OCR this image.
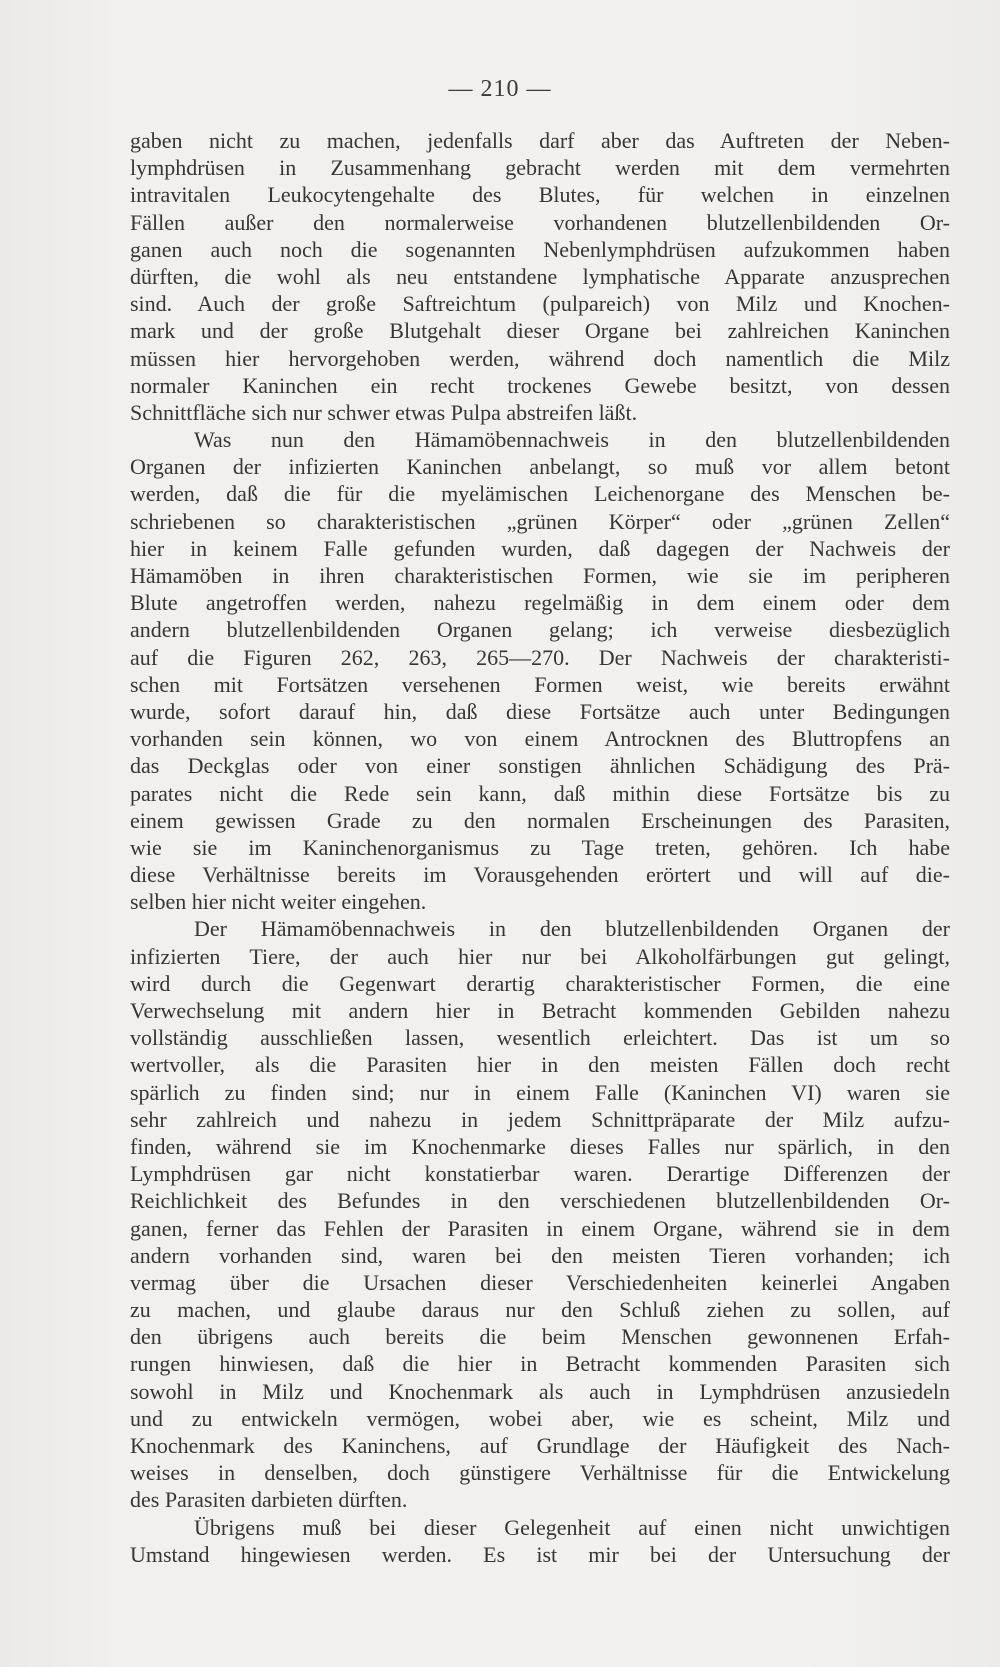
— 210 —
gaben nicht zu machen, jedenfalls darf aber das Auftreten der Neben-
lymphdrüsen in Zusammenhang gebracht werden mit dem vermehrten
intravitalen Leukocytengehalte des Blutes, für welchen in einzelnen
Fällen außer den normalerweise vorhandenen blutzellenbildenden Or-
ganen auch noch die sogenannten Nebenlymphdrüsen aufzukommen haben
dürften, die wohl als neu entstandene lymphatische Apparate anzusprechen
sind. Auch der große Saftreichtum (pulpareich) von Milz und Knochen-
mark und der große Blutgehalt dieser Organe bei zahlreichen Kaninchen
müssen hier hervorgehoben werden, während doch namentlich die Milz
normaler Kaninchen ein recht trockenes Gewebe besitzt, von dessen
Schnittfläche sich nur schwer etwas Pulpa abstreifen läßt.
Was nun den Hämamöbennachweis in den blutzellenbildenden
Organen der infizierten Kaninchen anbelangt, so muß vor allem betont
werden, daß die für die myelämischen Leichenorgane des Menschen be-
schriebenen so charakteristischen „grünen Körper“ oder „grünen Zellen“
hier in keinem Falle gefunden wurden, daß dagegen der Nachweis der
Hämamöben in ihren charakteristischen Formen, wie sie im peripheren
Blute angetroffen werden, nahezu regelmäßig in dem einem oder dem
andern blutzellenbildenden Organen gelang; ich verweise diesbezüglich
auf die Figuren 262, 263, 265—270. Der Nachweis der charakteristi-
schen mit Fortsätzen versehenen Formen weist, wie bereits erwähnt
wurde, sofort darauf hin, daß diese Fortsätze auch unter Bedingungen
vorhanden sein können, wo von einem Antrocknen des Bluttropfens an
das Deckglas oder von einer sonstigen ähnlichen Schädigung des Prä-
parates nicht die Rede sein kann, daß mithin diese Fortsätze bis zu
einem gewissen Grade zu den normalen Erscheinungen des Parasiten,
wie sie im Kaninchenorganismus zu Tage treten, gehören. Ich habe
diese Verhältnisse bereits im Vorausgehenden erörtert und will auf die-
selben hier nicht weiter eingehen.
Der Hämamöbennachweis in den blutzellenbildenden Organen der
infizierten Tiere, der auch hier nur bei Alkoholfärbungen gut gelingt,
wird durch die Gegenwart derartig charakteristischer Formen, die eine
Verwechselung mit andern hier in Betracht kommenden Gebilden nahezu
vollständig ausschließen lassen, wesentlich erleichtert. Das ist um so
wertvoller, als die Parasiten hier in den meisten Fällen doch recht
spärlich zu finden sind; nur in einem Falle (Kaninchen VI) waren sie
sehr zahlreich und nahezu in jedem Schnittpräparate der Milz aufzu-
finden, während sie im Knochenmarke dieses Falles nur spärlich, in den
Lymphdrüsen gar nicht konstatierbar waren. Derartige Differenzen der
Reichlichkeit des Befundes in den verschiedenen blutzellenbildenden Or-
ganen, ferner das Fehlen der Parasiten in einem Organe, während sie in dem
andern vorhanden sind, waren bei den meisten Tieren vorhanden; ich
vermag über die Ursachen dieser Verschiedenheiten keinerlei Angaben
zu machen, und glaube daraus nur den Schluß ziehen zu sollen, auf
den übrigens auch bereits die beim Menschen gewonnenen Erfah-
rungen hinwiesen, daß die hier in Betracht kommenden Parasiten sich
sowohl in Milz und Knochenmark als auch in Lymphdrüsen anzusiedeln
und zu entwickeln vermögen, wobei aber, wie es scheint, Milz und
Knochenmark des Kaninchens, auf Grundlage der Häufigkeit des Nach-
weises in denselben, doch günstigere Verhältnisse für die Entwickelung
des Parasiten darbieten dürften.
Übrigens muß bei dieser Gelegenheit auf einen nicht unwichtigen
Umstand hingewiesen werden. Es ist mir bei der Untersuchung der
